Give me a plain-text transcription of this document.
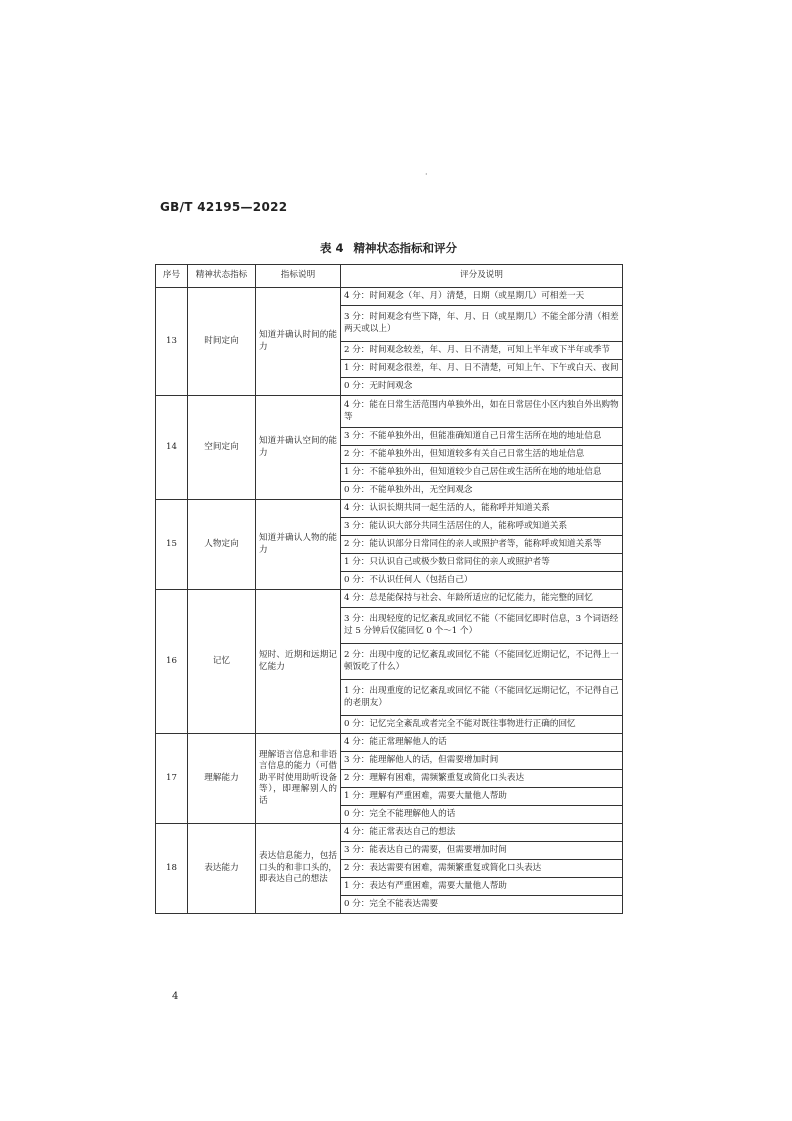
GB/T 42195—2022
表 4 精神状态指标和评分
序号	精神状态指标	指标说明	评分及说明
13	时间定向	知道并确认时间的能力	4 分：时间观念（年、月）清楚，日期（或星期几）可相差一天
			3 分：时间观念有些下降，年、月、日（或星期几）不能全部分清（相差两天或以上）
			2 分：时间观念较差，年、月、日不清楚，可知上半年或下半年或季节
			1 分：时间观念很差，年、月、日不清楚，可知上午、下午或白天、夜间
			0 分：无时间观念
14	空间定向	知道并确认空间的能力	4 分：能在日常生活范围内单独外出，如在日常居住小区内独自外出购物等
			3 分：不能单独外出，但能准确知道自己日常生活所在地的地址信息
			2 分：不能单独外出，但知道较多有关自己日常生活的地址信息
			1 分：不能单独外出，但知道较少自己居住或生活所在地的地址信息
			0 分：不能单独外出，无空间观念
15	人物定向	知道并确认人物的能力	4 分：认识长期共同一起生活的人，能称呼并知道关系
			3 分：能认识大部分共同生活居住的人，能称呼或知道关系
			2 分：能认识部分日常同住的亲人或照护者等，能称呼或知道关系等
			1 分：只认识自己或极少数日常同住的亲人或照护者等
			0 分：不认识任何人（包括自己）
16	记忆	短时、近期和远期记忆能力	4 分：总是能保持与社会、年龄所适应的记忆能力，能完整的回忆
			3 分：出现轻度的记忆紊乱或回忆不能（不能回忆即时信息，3 个词语经过 5 分钟后仅能回忆 0 个～1 个）
			2 分：出现中度的记忆紊乱或回忆不能（不能回忆近期记忆，不记得上一顿饭吃了什么）
			1 分：出现重度的记忆紊乱或回忆不能（不能回忆远期记忆，不记得自己的老朋友）
			0 分：记忆完全紊乱或者完全不能对既往事物进行正确的回忆
17	理解能力	理解语言信息和非语言信息的能力（可借助平时使用助听设备等），即理解别人的话	4 分：能正常理解他人的话
			3 分：能理解他人的话，但需要增加时间
			2 分：理解有困难，需频繁重复或简化口头表达
			1 分：理解有严重困难，需要大量他人帮助
			0 分：完全不能理解他人的话
18	表达能力	表达信息能力，包括口头的和非口头的，即表达自己的想法	4 分：能正常表达自己的想法
			3 分：能表达自己的需要，但需要增加时间
			2 分：表达需要有困难，需频繁重复或简化口头表达
			1 分：表达有严重困难，需要大量他人帮助
			0 分：完全不能表达需要
4
·
